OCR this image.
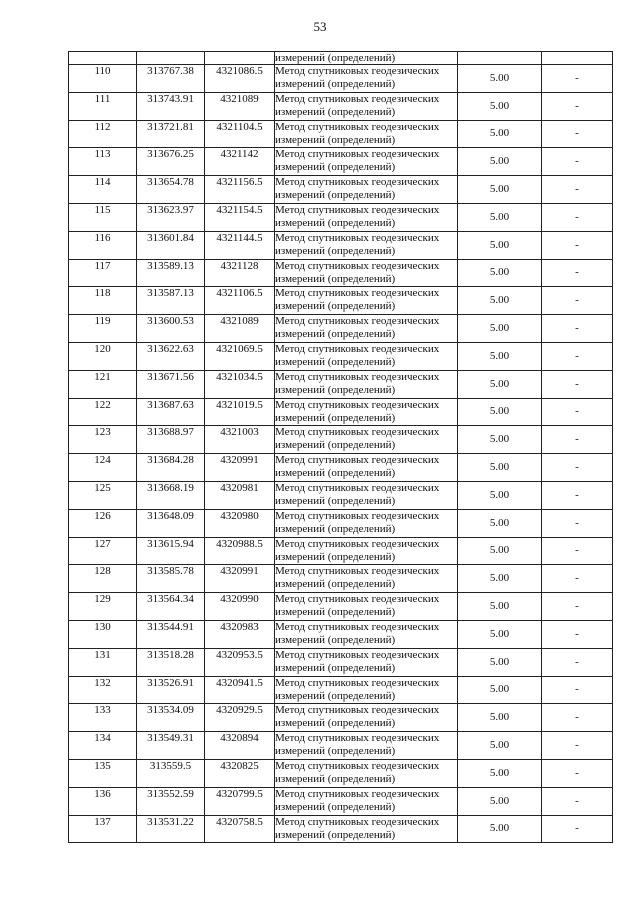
53
			измерений (определений)		
110	313767.38	4321086.5	Метод спутниковых геодезических
измерений (определений)	5.00	-
111	313743.91	4321089	Метод спутниковых геодезических
измерений (определений)	5.00	-
112	313721.81	4321104.5	Метод спутниковых геодезических
измерений (определений)	5.00	-
113	313676.25	4321142	Метод спутниковых геодезических
измерений (определений)	5.00	-
114	313654.78	4321156.5	Метод спутниковых геодезических
измерений (определений)	5.00	-
115	313623.97	4321154.5	Метод спутниковых геодезических
измерений (определений)	5.00	-
116	313601.84	4321144.5	Метод спутниковых геодезических
измерений (определений)	5.00	-
117	313589.13	4321128	Метод спутниковых геодезических
измерений (определений)	5.00	-
118	313587.13	4321106.5	Метод спутниковых геодезических
измерений (определений)	5.00	-
119	313600.53	4321089	Метод спутниковых геодезических
измерений (определений)	5.00	-
120	313622.63	4321069.5	Метод спутниковых геодезических
измерений (определений)	5.00	-
121	313671.56	4321034.5	Метод спутниковых геодезических
измерений (определений)	5.00	-
122	313687.63	4321019.5	Метод спутниковых геодезических
измерений (определений)	5.00	-
123	313688.97	4321003	Метод спутниковых геодезических
измерений (определений)	5.00	-
124	313684.28	4320991	Метод спутниковых геодезических
измерений (определений)	5.00	-
125	313668.19	4320981	Метод спутниковых геодезических
измерений (определений)	5.00	-
126	313648.09	4320980	Метод спутниковых геодезических
измерений (определений)	5.00	-
127	313615.94	4320988.5	Метод спутниковых геодезических
измерений (определений)	5.00	-
128	313585.78	4320991	Метод спутниковых геодезических
измерений (определений)	5.00	-
129	313564.34	4320990	Метод спутниковых геодезических
измерений (определений)	5.00	-
130	313544.91	4320983	Метод спутниковых геодезических
измерений (определений)	5.00	-
131	313518.28	4320953.5	Метод спутниковых геодезических
измерений (определений)	5.00	-
132	313526.91	4320941.5	Метод спутниковых геодезических
измерений (определений)	5.00	-
133	313534.09	4320929.5	Метод спутниковых геодезических
измерений (определений)	5.00	-
134	313549.31	4320894	Метод спутниковых геодезических
измерений (определений)	5.00	-
135	313559.5	4320825	Метод спутниковых геодезических
измерений (определений)	5.00	-
136	313552.59	4320799.5	Метод спутниковых геодезических
измерений (определений)	5.00	-
137	313531.22	4320758.5	Метод спутниковых геодезических
измерений (определений)	5.00	-
